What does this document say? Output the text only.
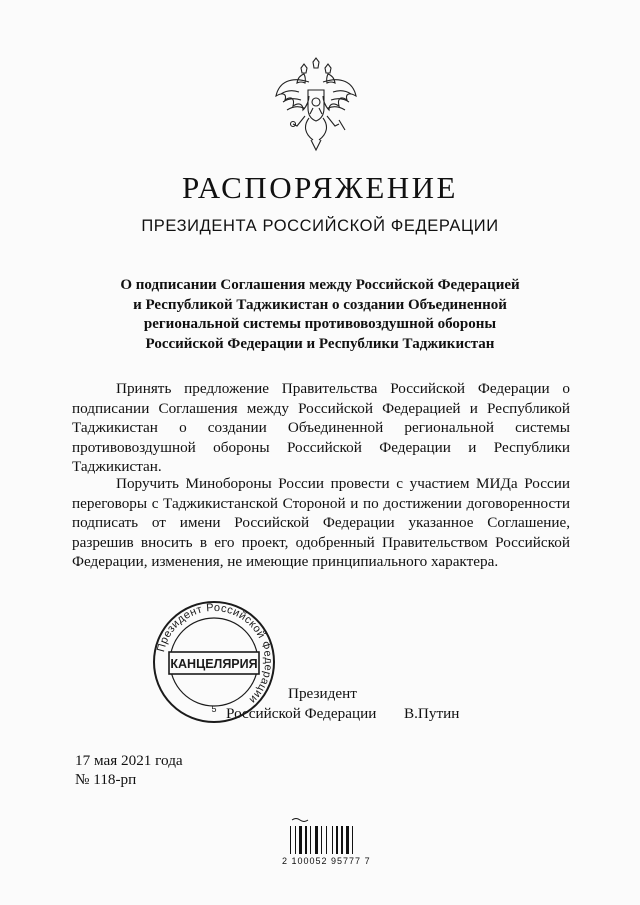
РАСПОРЯЖЕНИЕ
ПРЕЗИДЕНТА РОССИЙСКОЙ ФЕДЕРАЦИИ
О подписании Соглашения между Российской Федерацией
и Республикой Таджикистан о создании Объединенной
региональной системы противовоздушной обороны
Российской Федерации и Республики Таджикистан
Принять предложение Правительства Российской Федерации о подписании Соглашения между Российской Федерацией и Республикой Таджикистан о создании Объединенной региональной системы противовоздушной обороны Российской Федерации и Республики Таджикистан.
Поручить Минобороны России провести с участием МИДа России переговоры с Таджикистанской Стороной и по достижении договоренности подписать от имени Российской Федерации указанное Соглашение, разрешив вносить в его проект, одобренный Правительством Российской Федерации, изменения, не имеющие принципиального характера.
Президент
Российской Федерации В.Путин
Президент Российской Федерации
КАНЦЕЛЯРИЯ
5
17 мая 2021 года
№ 118-рп
2 100052 95777 7
